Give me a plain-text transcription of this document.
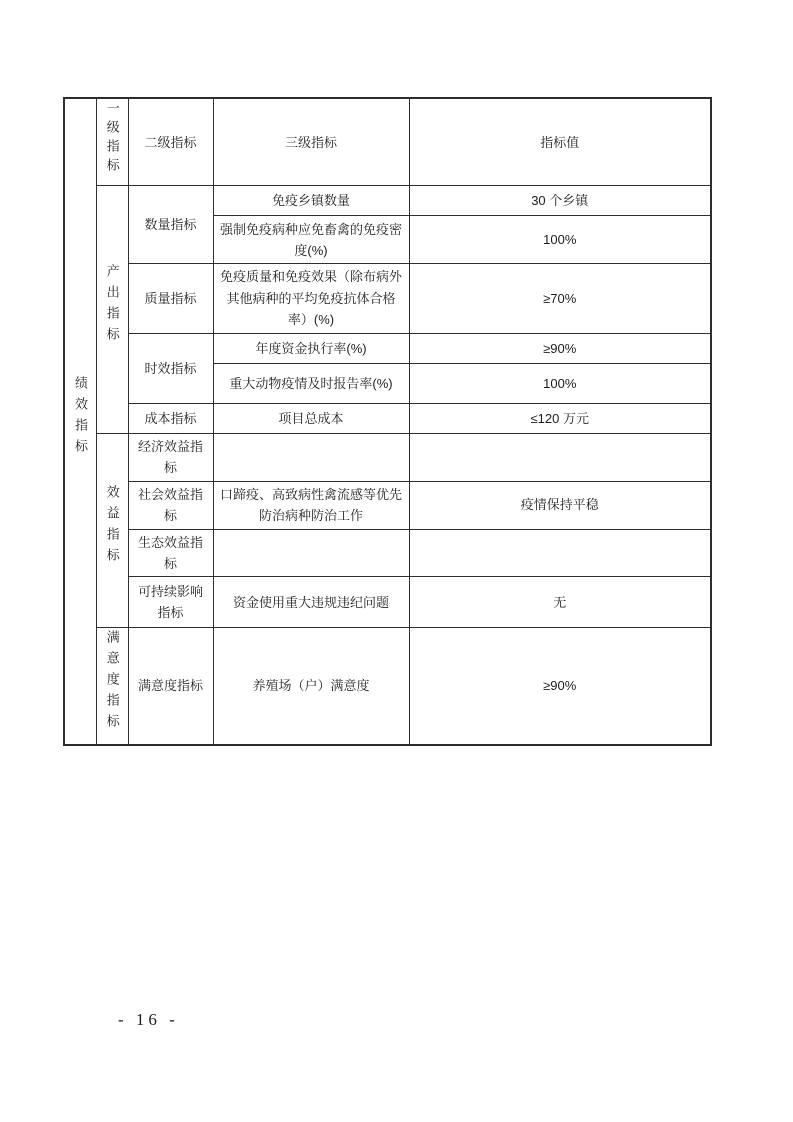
绩效指标	一级指标	二级指标	三级指标	指标值
	产出指标	数量指标	免疫乡镇数量	30 个乡镇
			强制免疫病种应免畜禽的免疫密度(%)	100%
		质量指标	免疫质量和免疫效果（除布病外其他病种的平均免疫抗体合格率）(%)	≥70%
		时效指标	年度资金执行率(%)	≥90%
			重大动物疫情及时报告率(%)	100%
		成本指标	项目总成本	≤120 万元
	效益指标	经济效益指标		
		社会效益指标	口蹄疫、高致病性禽流感等优先防治病种防治工作	疫情保持平稳
		生态效益指标		
		可持续影响指标	资金使用重大违规违纪问题	无
	满意度指标	满意度指标	养殖场（户）满意度	≥90%
- 16 -
